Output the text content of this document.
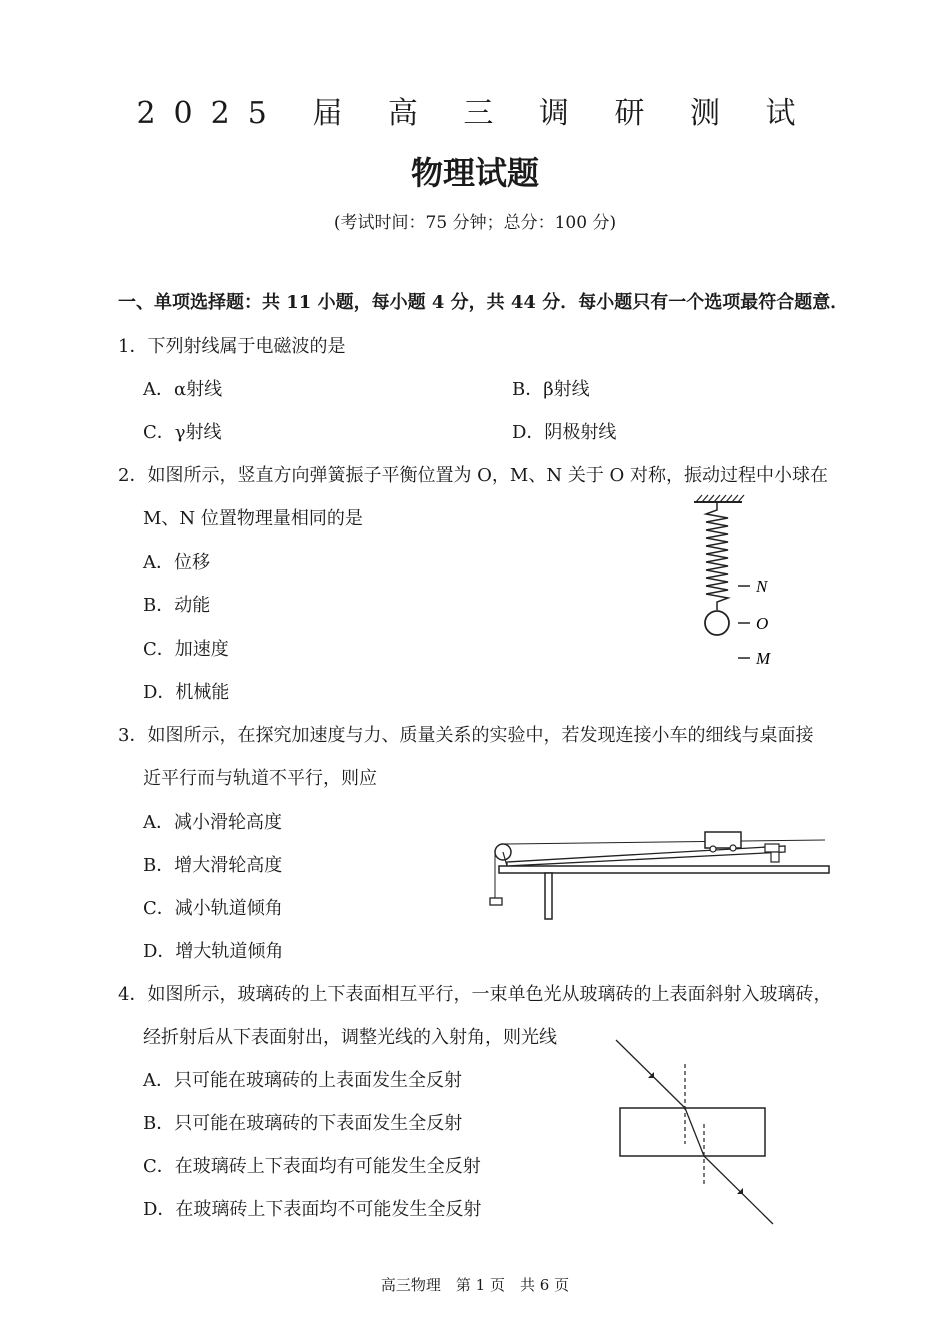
2025 届 高 三 调 研 测 试
物理试题
(考试时间：75 分钟；总分：100 分)
一、单项选择题：共 11 小题，每小题 4 分，共 44 分．每小题只有一个选项最符合题意．
1．下列射线属于电磁波的是
A．α射线	B．β射线
C．γ射线	D．阴极射线
2．如图所示，竖直方向弹簧振子平衡位置为 O，M、N 关于 O 对称，振动过程中小球在
M、N 位置物理量相同的是
A．位移
B．动能
C．加速度
D．机械能
N
O
M
3．如图所示，在探究加速度与力、质量关系的实验中，若发现连接小车的细线与桌面接
近平行而与轨道不平行，则应
A．减小滑轮高度
B．增大滑轮高度
C．减小轨道倾角
D．增大轨道倾角
4．如图所示，玻璃砖的上下表面相互平行，一束单色光从玻璃砖的上表面斜射入玻璃砖，
经折射后从下表面射出，调整光线的入射角，则光线
A．只可能在玻璃砖的上表面发生全反射
B．只可能在玻璃砖的下表面发生全反射
C．在玻璃砖上下表面均有可能发生全反射
D．在玻璃砖上下表面均不可能发生全反射
高三物理　第 1 页　共 6 页
